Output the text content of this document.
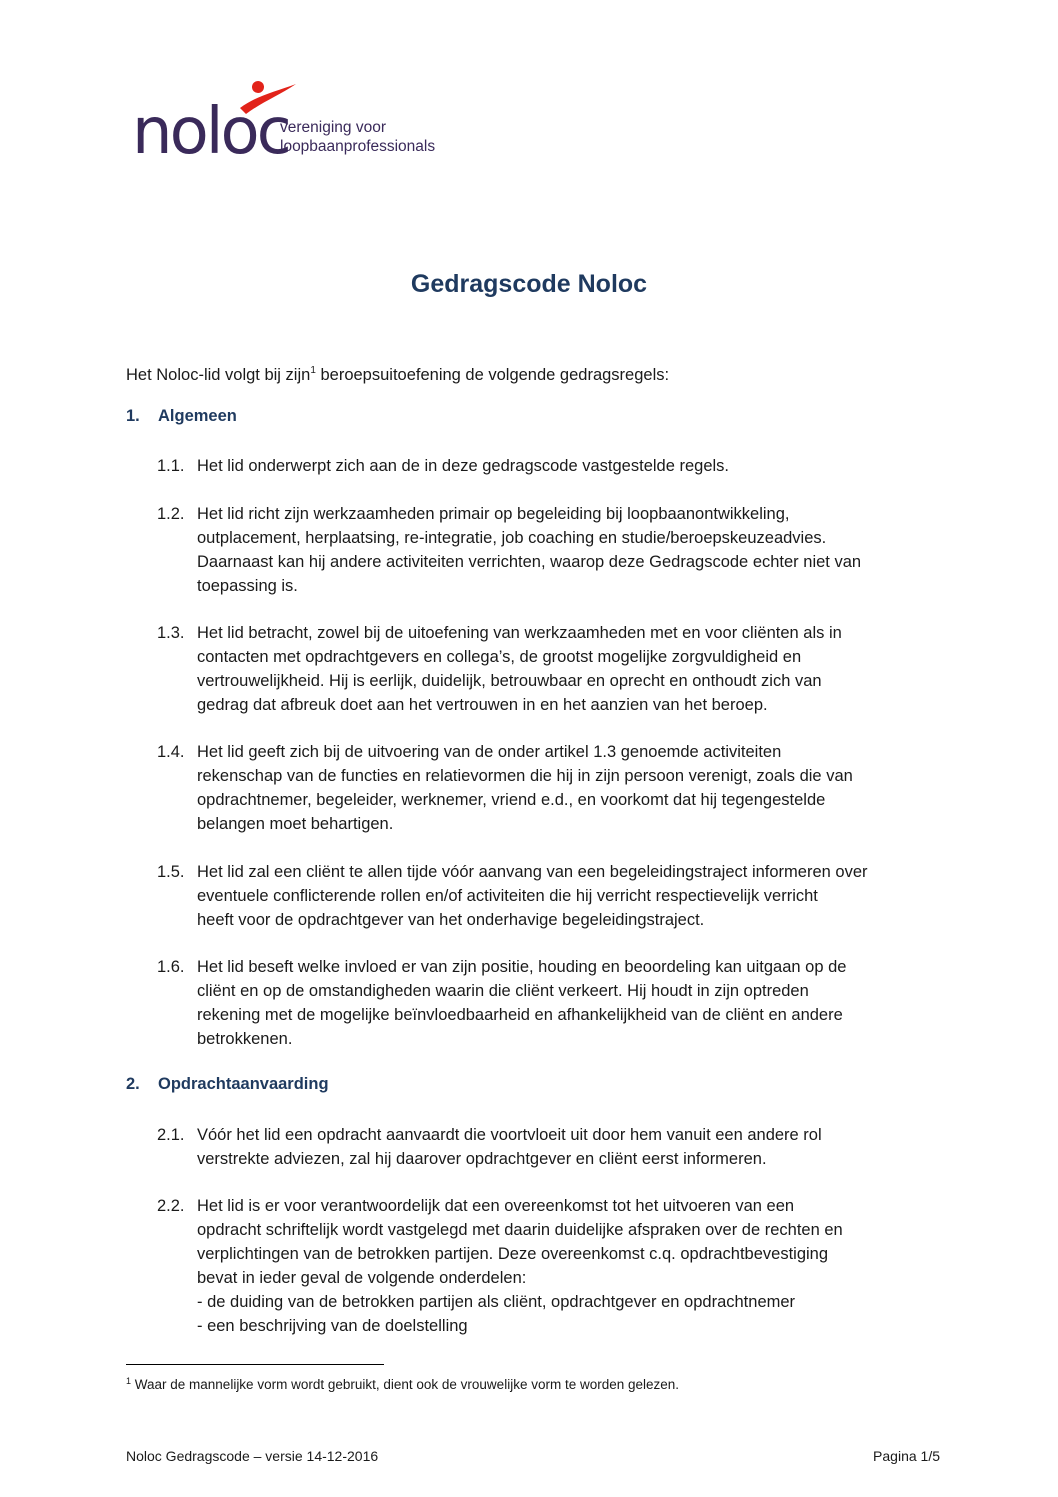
noloc
vereniging voor
loopbaanprofessionals
Gedragscode Noloc
Het Noloc-lid volgt bij zijn$^1$ beroepsuitoefening de volgende gedragsregels:
1. Algemeen
1.1. Het lid onderwerpt zich aan de in deze gedragscode vastgestelde regels.
1.2. Het lid richt zijn werkzaamheden primair op begeleiding bij loopbaanontwikkeling,
outplacement, herplaatsing, re-integratie, job coaching en studie/beroepskeuzeadvies.
Daarnaast kan hij andere activiteiten verrichten, waarop deze Gedragscode echter niet van
toepassing is.
1.3. Het lid betracht, zowel bij de uitoefening van werkzaamheden met en voor cliënten als in
contacten met opdrachtgevers en collega’s, de grootst mogelijke zorgvuldigheid en
vertrouwelijkheid. Hij is eerlijk, duidelijk, betrouwbaar en oprecht en onthoudt zich van
gedrag dat afbreuk doet aan het vertrouwen in en het aanzien van het beroep.
1.4. Het lid geeft zich bij de uitvoering van de onder artikel 1.3 genoemde activiteiten
rekenschap van de functies en relatievormen die hij in zijn persoon verenigt, zoals die van
opdrachtnemer, begeleider, werknemer, vriend e.d., en voorkomt dat hij tegengestelde
belangen moet behartigen.
1.5. Het lid zal een cliënt te allen tijde vóór aanvang van een begeleidingstraject informeren over
eventuele conflicterende rollen en/of activiteiten die hij verricht respectievelijk verricht
heeft voor de opdrachtgever van het onderhavige begeleidingstraject.
1.6. Het lid beseft welke invloed er van zijn positie, houding en beoordeling kan uitgaan op de
cliënt en op de omstandigheden waarin die cliënt verkeert. Hij houdt in zijn optreden
rekening met de mogelijke beïnvloedbaarheid en afhankelijkheid van de cliënt en andere
betrokkenen.
2. Opdrachtaanvaarding
2.1. Vóór het lid een opdracht aanvaardt die voortvloeit uit door hem vanuit een andere rol
verstrekte adviezen, zal hij daarover opdrachtgever en cliënt eerst informeren.
2.2. Het lid is er voor verantwoordelijk dat een overeenkomst tot het uitvoeren van een
opdracht schriftelijk wordt vastgelegd met daarin duidelijke afspraken over de rechten en
verplichtingen van de betrokken partijen. Deze overeenkomst c.q. opdrachtbevestiging
bevat in ieder geval de volgende onderdelen:
- de duiding van de betrokken partijen als cliënt, opdrachtgever en opdrachtnemer
- een beschrijving van de doelstelling
$^1$ Waar de mannelijke vorm wordt gebruikt, dient ook de vrouwelijke vorm te worden gelezen.
Noloc Gedragscode – versie 14-12-2016	Pagina 1/5
